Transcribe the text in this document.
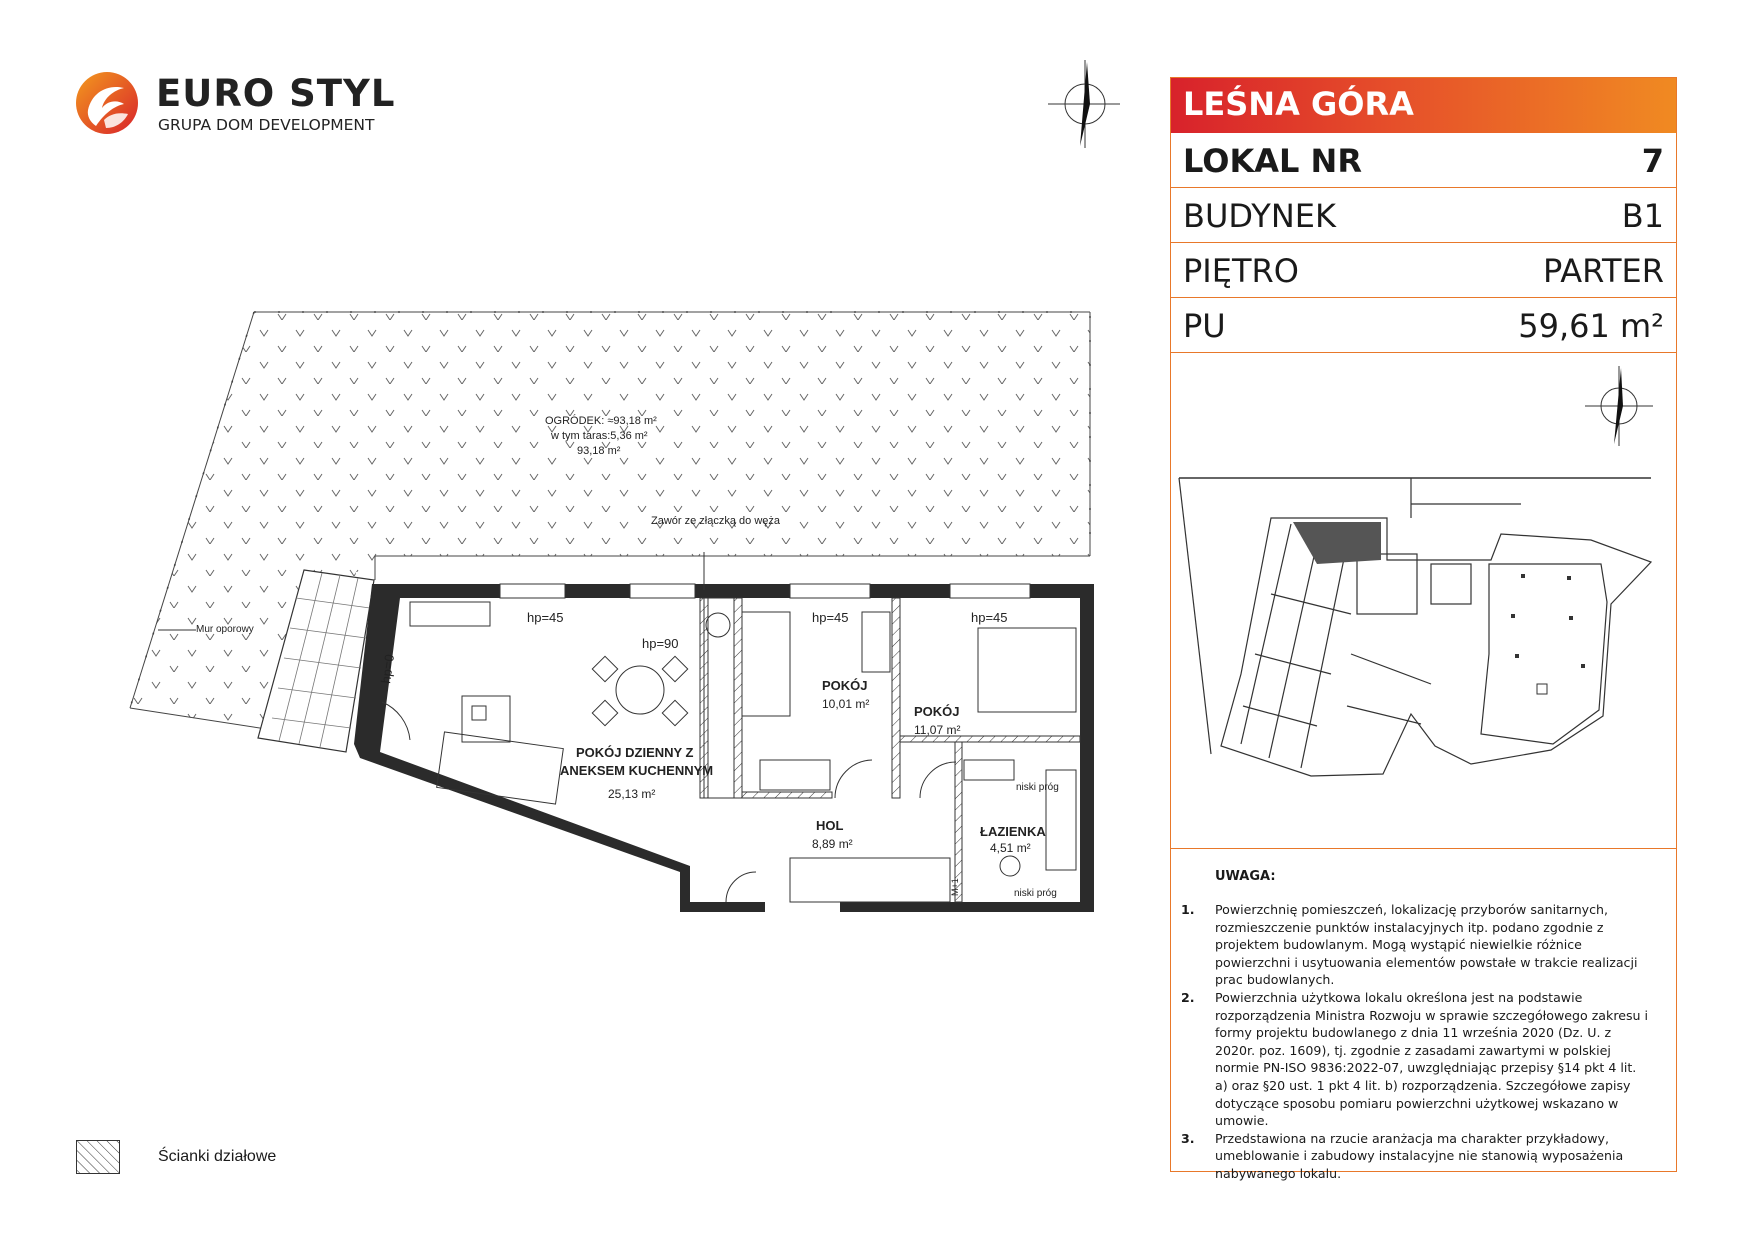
EURO STYL
GRUPA DOM DEVELOPMENT
OGRÓDEK: ≈93,18 m²
w tym taras:5,36 m²
93,18 m²
Zawór ze złączką do węża
Mur oporowy
hp=0
hp=45
hp=90
hp=45	hp=45
niski próg
niski próg
M+1
POKÓJ DZIENNY Z
ANEKSEM KUCHENNYM
25,13 m²
POKÓJ
10,01 m²	POKÓJ
11,07 m²
HOL
8,89 m²
ŁAZIENKA
4,51 m²
Ścianki działowe
LEŚNA GÓRA
LOKAL NR	7
BUDYNEK	B1
PIĘTRO	PARTER
PU	59,61 m²
UWAGA:
1. Powierzchnię pomieszczeń, lokalizację przyborów sanitarnych, rozmieszczenie punktów instalacyjnych itp. podano zgodnie z projektem budowlanym. Mogą wystąpić niewielkie różnice powierzchni i usytuowania elementów powstałe w trakcie realizacji prac budowlanych.
2. Powierzchnia użytkowa lokalu określona jest na podstawie rozporządzenia Ministra Rozwoju w sprawie szczegółowego zakresu i formy projektu budowlanego z dnia 11 września 2020 (Dz. U. z 2020r. poz. 1609), tj. zgodnie z zasadami zawartymi w polskiej normie PN-ISO 9836:2022-07, uwzględniając przepisy §14 pkt 4 lit. a) oraz §20 ust. 1 pkt 4 lit. b) rozporządzenia. Szczegółowe zapisy dotyczące sposobu pomiaru powierzchni użytkowej wskazano w umowie.
3. Przedstawiona na rzucie aranżacja ma charakter przykładowy, umeblowanie i zabudowy instalacyjne nie stanowią wyposażenia nabywanego lokalu.
